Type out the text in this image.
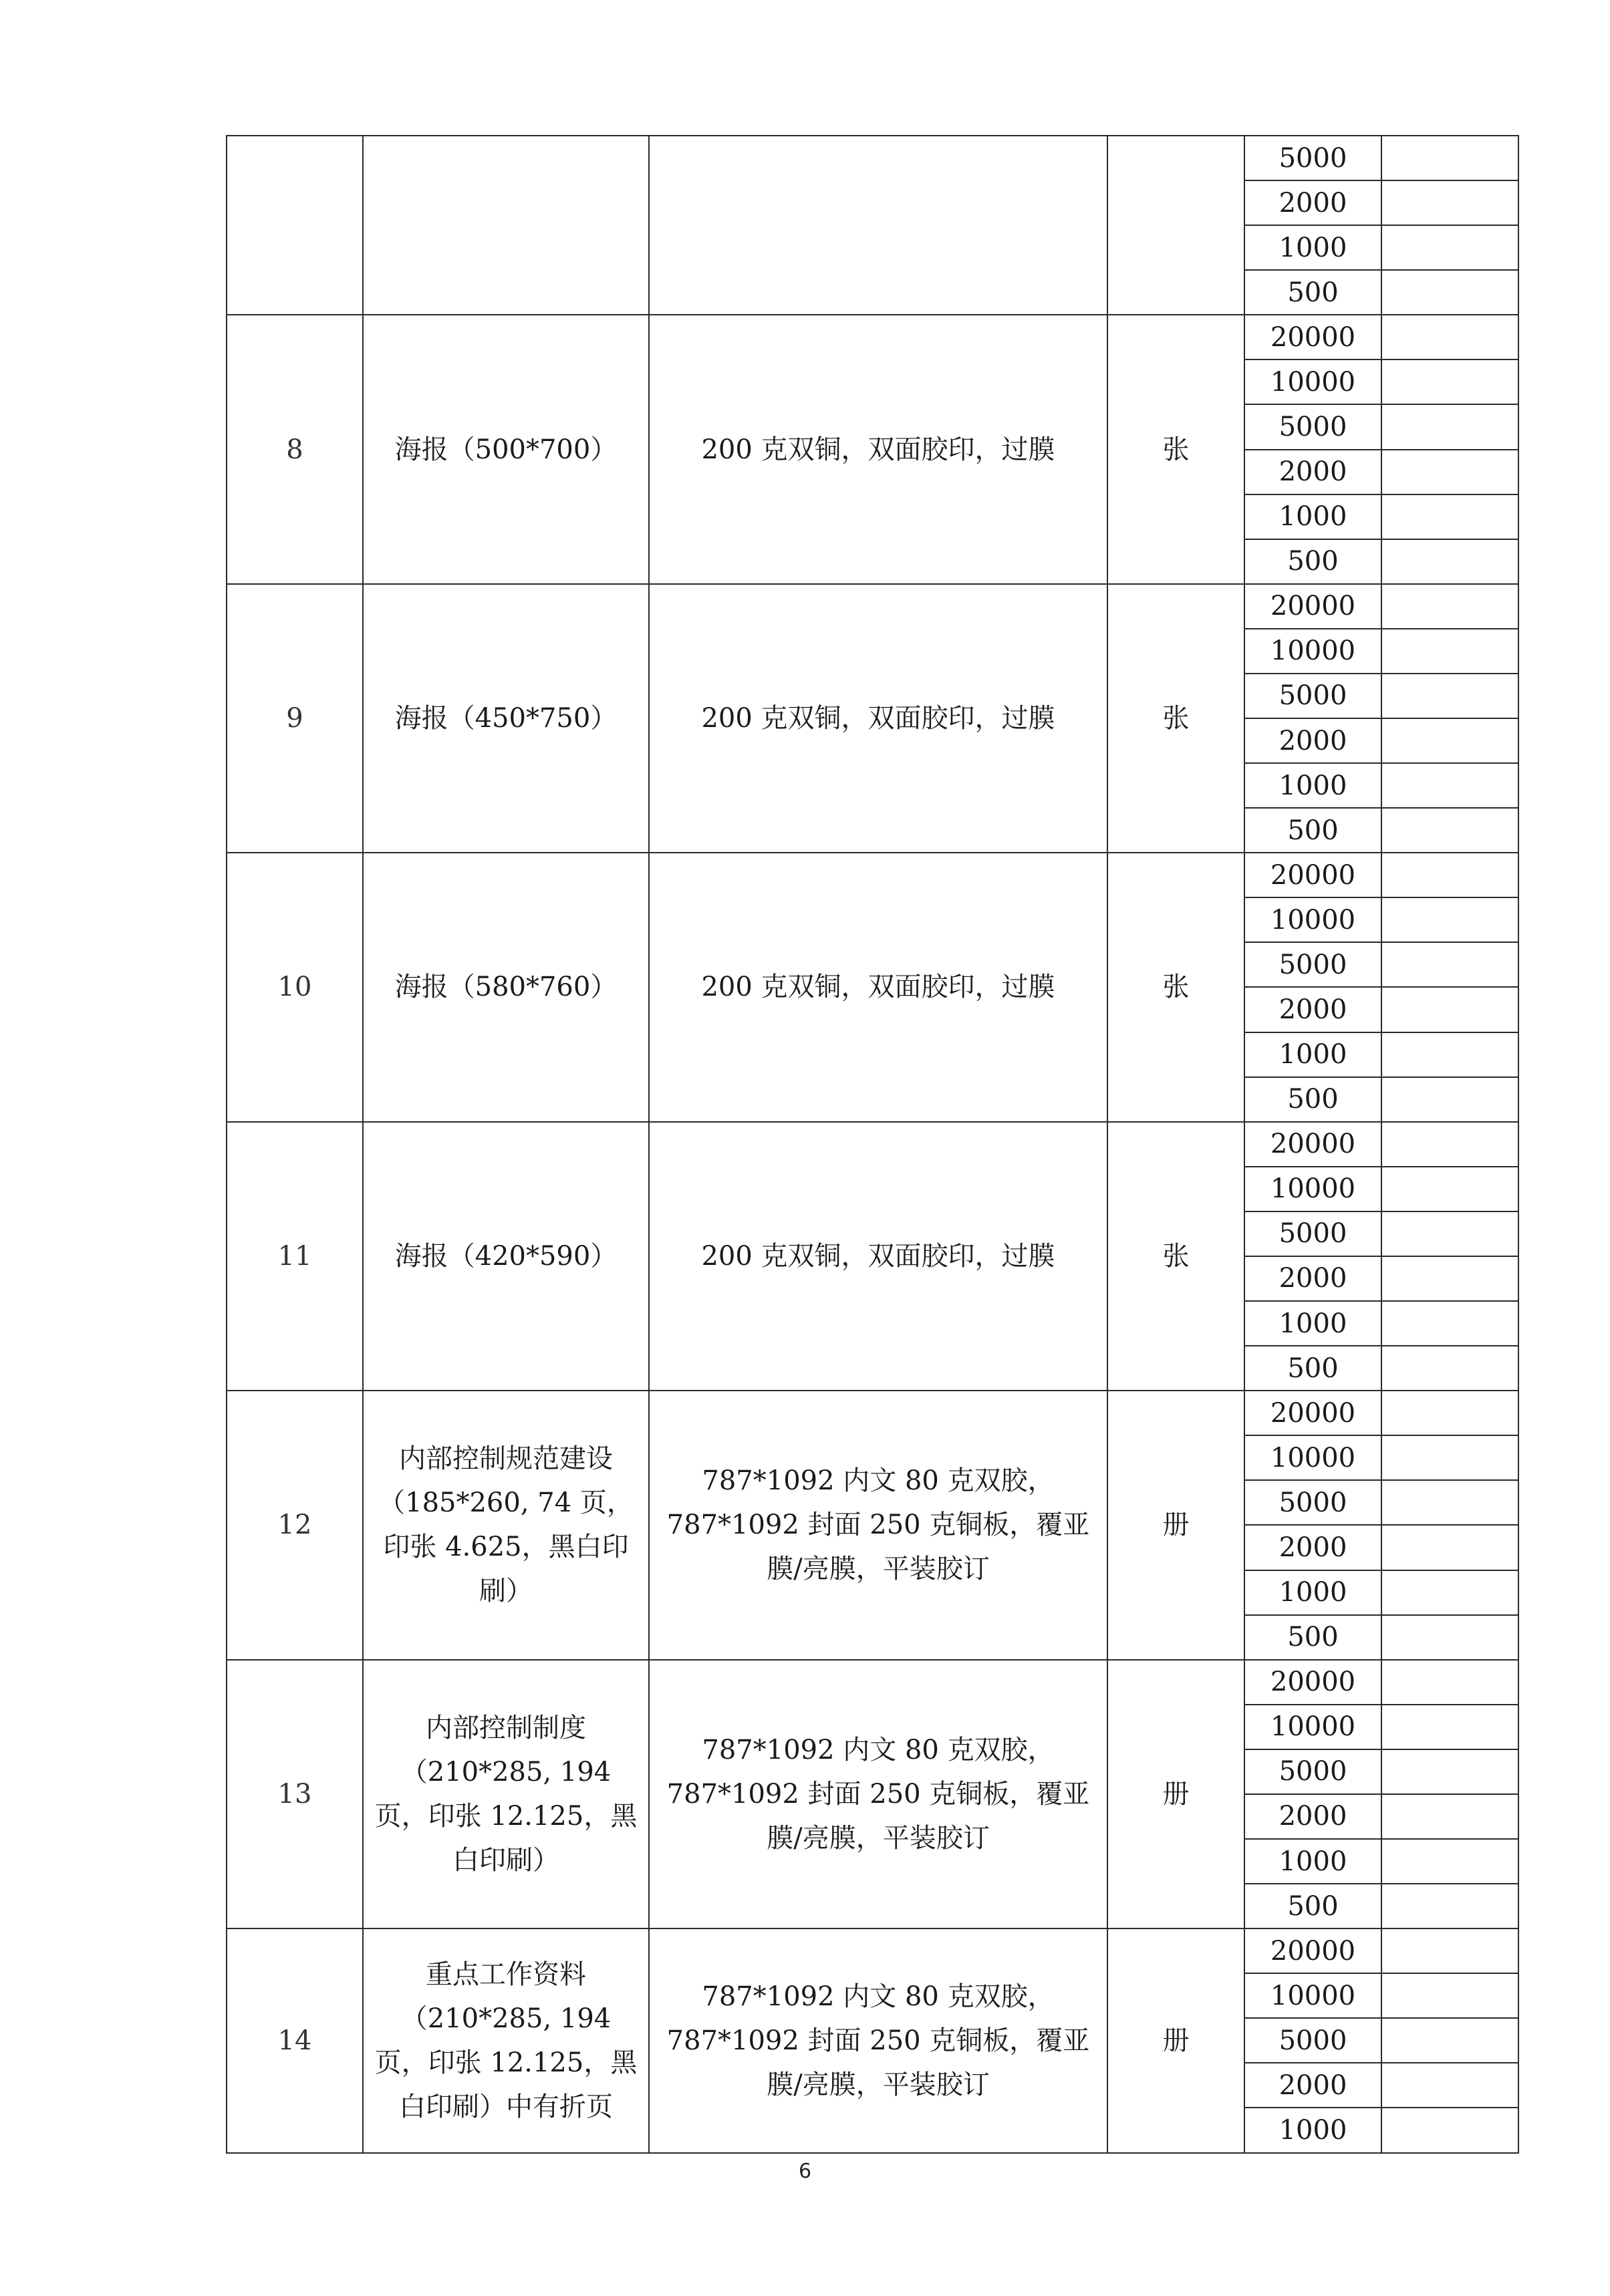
				5000	
				2000	
				1000	
				500	
8	海报（500*700）	200 克双铜，双面胶印，过膜	张	20000	
				10000	
				5000	
				2000	
				1000	
				500	
9	海报（450*750）	200 克双铜，双面胶印，过膜	张	20000	
				10000	
				5000	
				2000	
				1000	
				500	
10	海报（580*760）	200 克双铜，双面胶印，过膜	张	20000	
				10000	
				5000	
				2000	
				1000	
				500	
11	海报（420*590）	200 克双铜，双面胶印，过膜	张	20000	
				10000	
				5000	
				2000	
				1000	
				500	
12	内部控制规范建设（185*260, 74 页，印张 4.625，黑白印刷）	787*1092 内文 80 克双胶，787*1092 封面 250 克铜板，覆亚膜/亮膜，平装胶订	册	20000	
				10000	
				5000	
				2000	
				1000	
				500	
13	内部控制制度（210*285, 194 页，印张 12.125，黑白印刷）	787*1092 内文 80 克双胶，787*1092 封面 250 克铜板，覆亚膜/亮膜，平装胶订	册	20000	
				10000	
				5000	
				2000	
				1000	
				500	
14	重点工作资料（210*285, 194 页，印张 12.125，黑白印刷）中有折页	787*1092 内文 80 克双胶，787*1092 封面 250 克铜板，覆亚膜/亮膜，平装胶订	册	20000	
				10000	
				5000	
				2000	
				1000	
6
